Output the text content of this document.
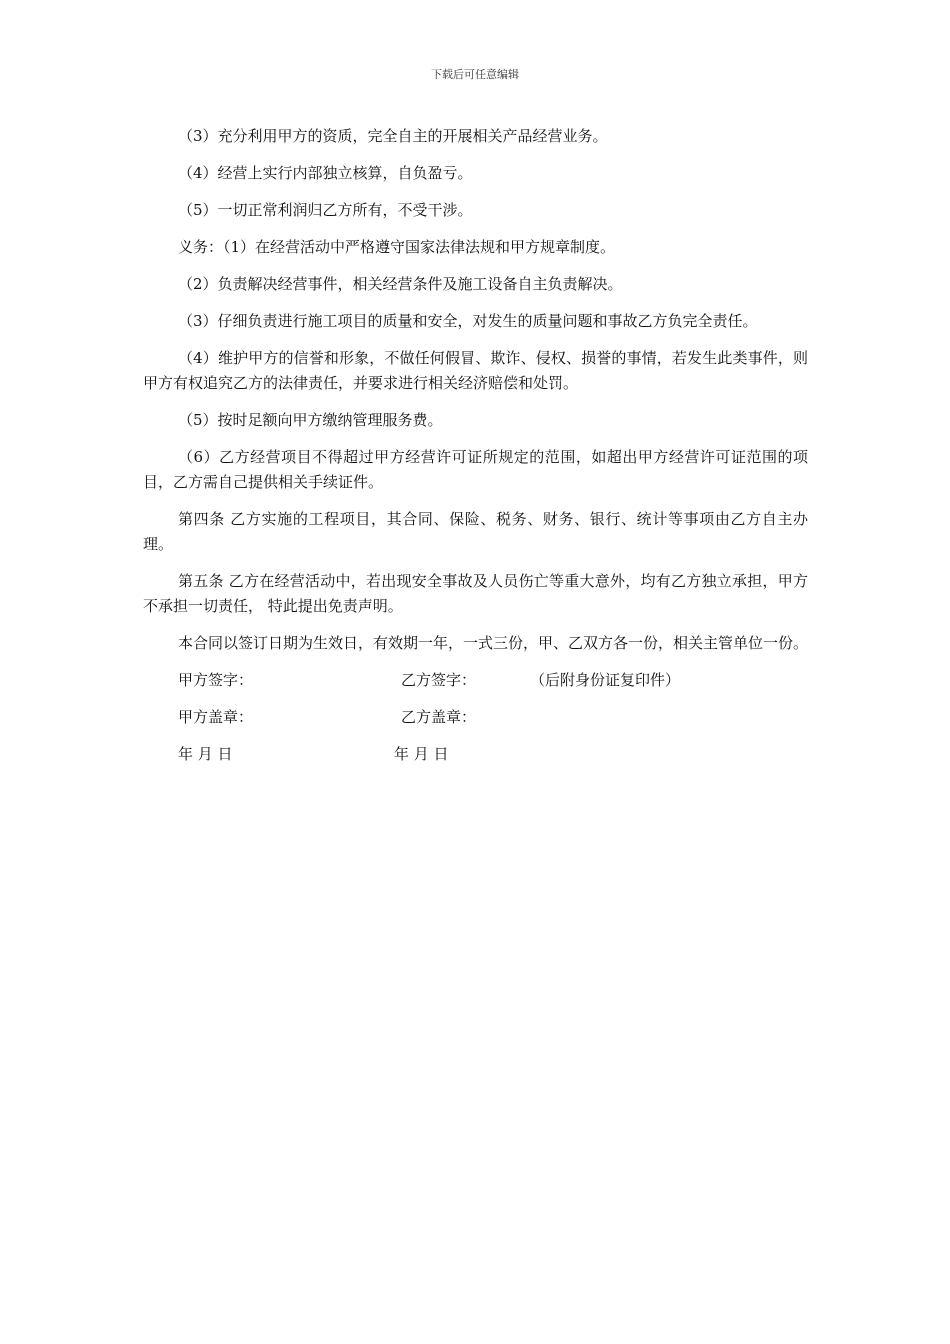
下载后可任意编辑

（3）充分利用甲方的资质，完全自主的开展相关产品经营业务。

（4）经营上实行内部独立核算，自负盈亏。

（5）一切正常利润归乙方所有，不受干涉。

义务：（1）在经营活动中严格遵守国家法律法规和甲方规章制度。

（2）负责解决经营事件，相关经营条件及施工设备自主负责解决。

（3）仔细负责进行施工项目的质量和安全，对发生的质量问题和事故乙方负完全责任。

（4）维护甲方的信誉和形象，不做任何假冒、欺诈、侵权、损誉的事情，若发生此类事件，则甲方有权追究乙方的法律责任，并要求进行相关经济赔偿和处罚。

（5）按时足额向甲方缴纳管理服务费。

（6）乙方经营项目不得超过甲方经营许可证所规定的范围，如超出甲方经营许可证范围的项目，乙方需自己提供相关手续证件。

第四条 乙方实施的工程项目，其合同、保险、税务、财务、银行、统计等事项由乙方自主办理。

第五条 乙方在经营活动中，若出现安全事故及人员伤亡等重大意外，均有乙方独立承担，甲方不承担一切责任， 特此提出免责声明。

本合同以签订日期为生效日，有效期一年，一式三份，甲、乙双方各一份，相关主管单位一份。

甲方签字：	乙方签字：	（后附身份证复印件）
甲方盖章：	乙方盖章：
年 月 日	年 月 日
